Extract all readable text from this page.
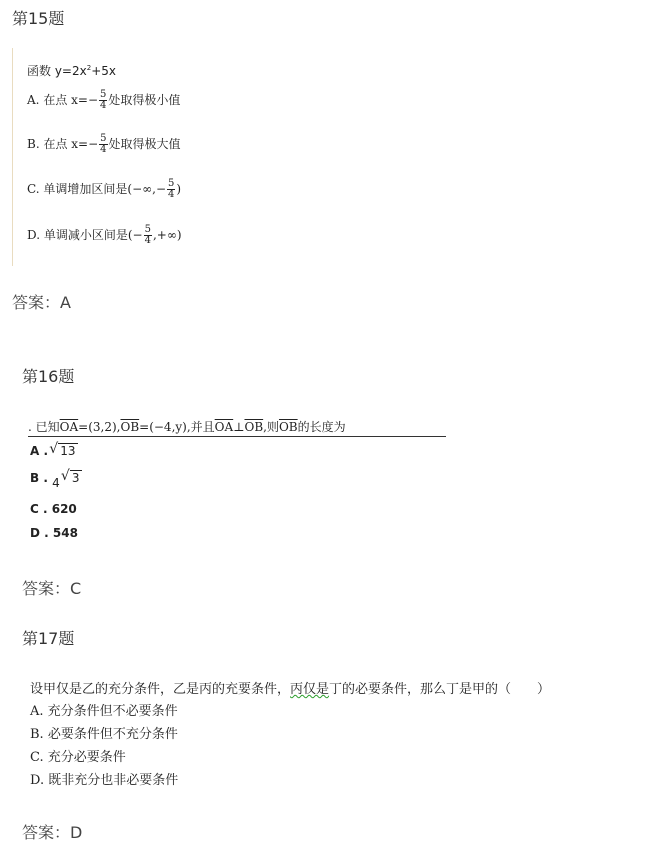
第15题
函数 $y=2x^2+5x$
A. 在点 $x=- \frac{5}{4}$ 处取得极小值
B. 在点 $x=- \frac{5}{4}$ 处取得极大值
C. 单调增加区间是(−∞,− $\frac{5}{4}$ )
D. 单调减小区间是(− $\frac{5}{4}$ ,+∞)
答案：A
第16题
. 已知$\overline{OA}=(3,2),\overline{OB}=(-4,y)$,并且$\overline{OA}\perp\overline{OB}$,则$\overline{OB}$的长度为
A . √ 13
B . 4 √ 3
C . 620
D . 548
答案：C
第17题
设甲仅是乙的充分条件，乙是丙的充要条件，丙仅是丁的必要条件，那么丁是甲的（　　）
A. 充分条件但不必要条件
B. 必要条件但不充分条件
C. 充分必要条件
D. 既非充分也非必要条件
答案：D
